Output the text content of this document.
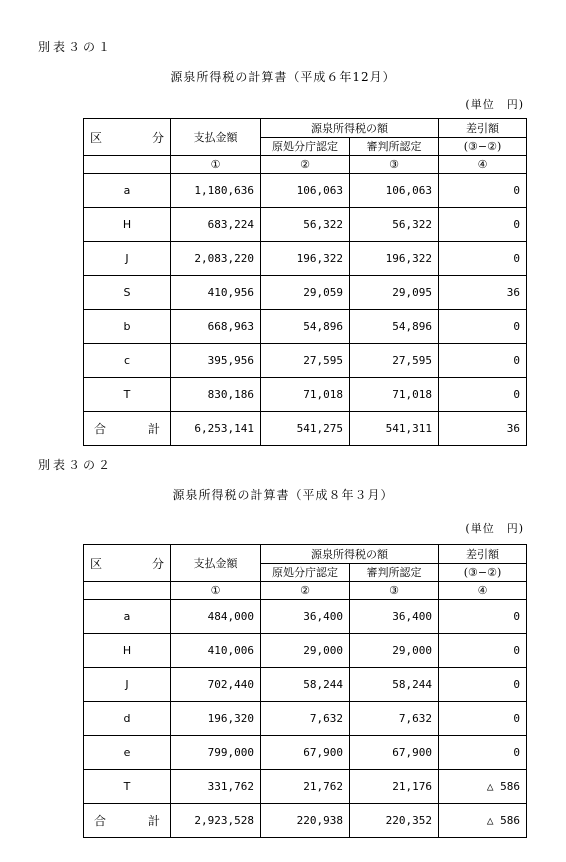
別表３の１
源泉所得税の計算書（平成６年12月）
(単位　円)
区 分	支払金額	源泉所得税の額		差引額
		原処分庁認定	審判所認定	(③−②)
	①	②	③	④
a	1,180,636	106,063	106,063	0
H	683,224	56,322	56,322	0
J	2,083,220	196,322	196,322	0
S	410,956	29,059	29,095	36
b	668,963	54,896	54,896	0
c	395,956	27,595	27,595	0
T	830,186	71,018	71,018	0

合 計	6,253,141	541,275	541,311	36
別表３の２
源泉所得税の計算書（平成８年３月）
(単位　円)
区 分	支払金額	源泉所得税の額		差引額
		原処分庁認定	審判所認定	(③−②)
	①	②	③	④
a	484,000	36,400	36,400	0
H	410,006	29,000	29,000	0
J	702,440	58,244	58,244	0
d	196,320	7,632	7,632	0
e	799,000	67,900	67,900	0
T	331,762	21,762	21,176	△ 586

合 計	2,923,528	220,938	220,352	△ 586
